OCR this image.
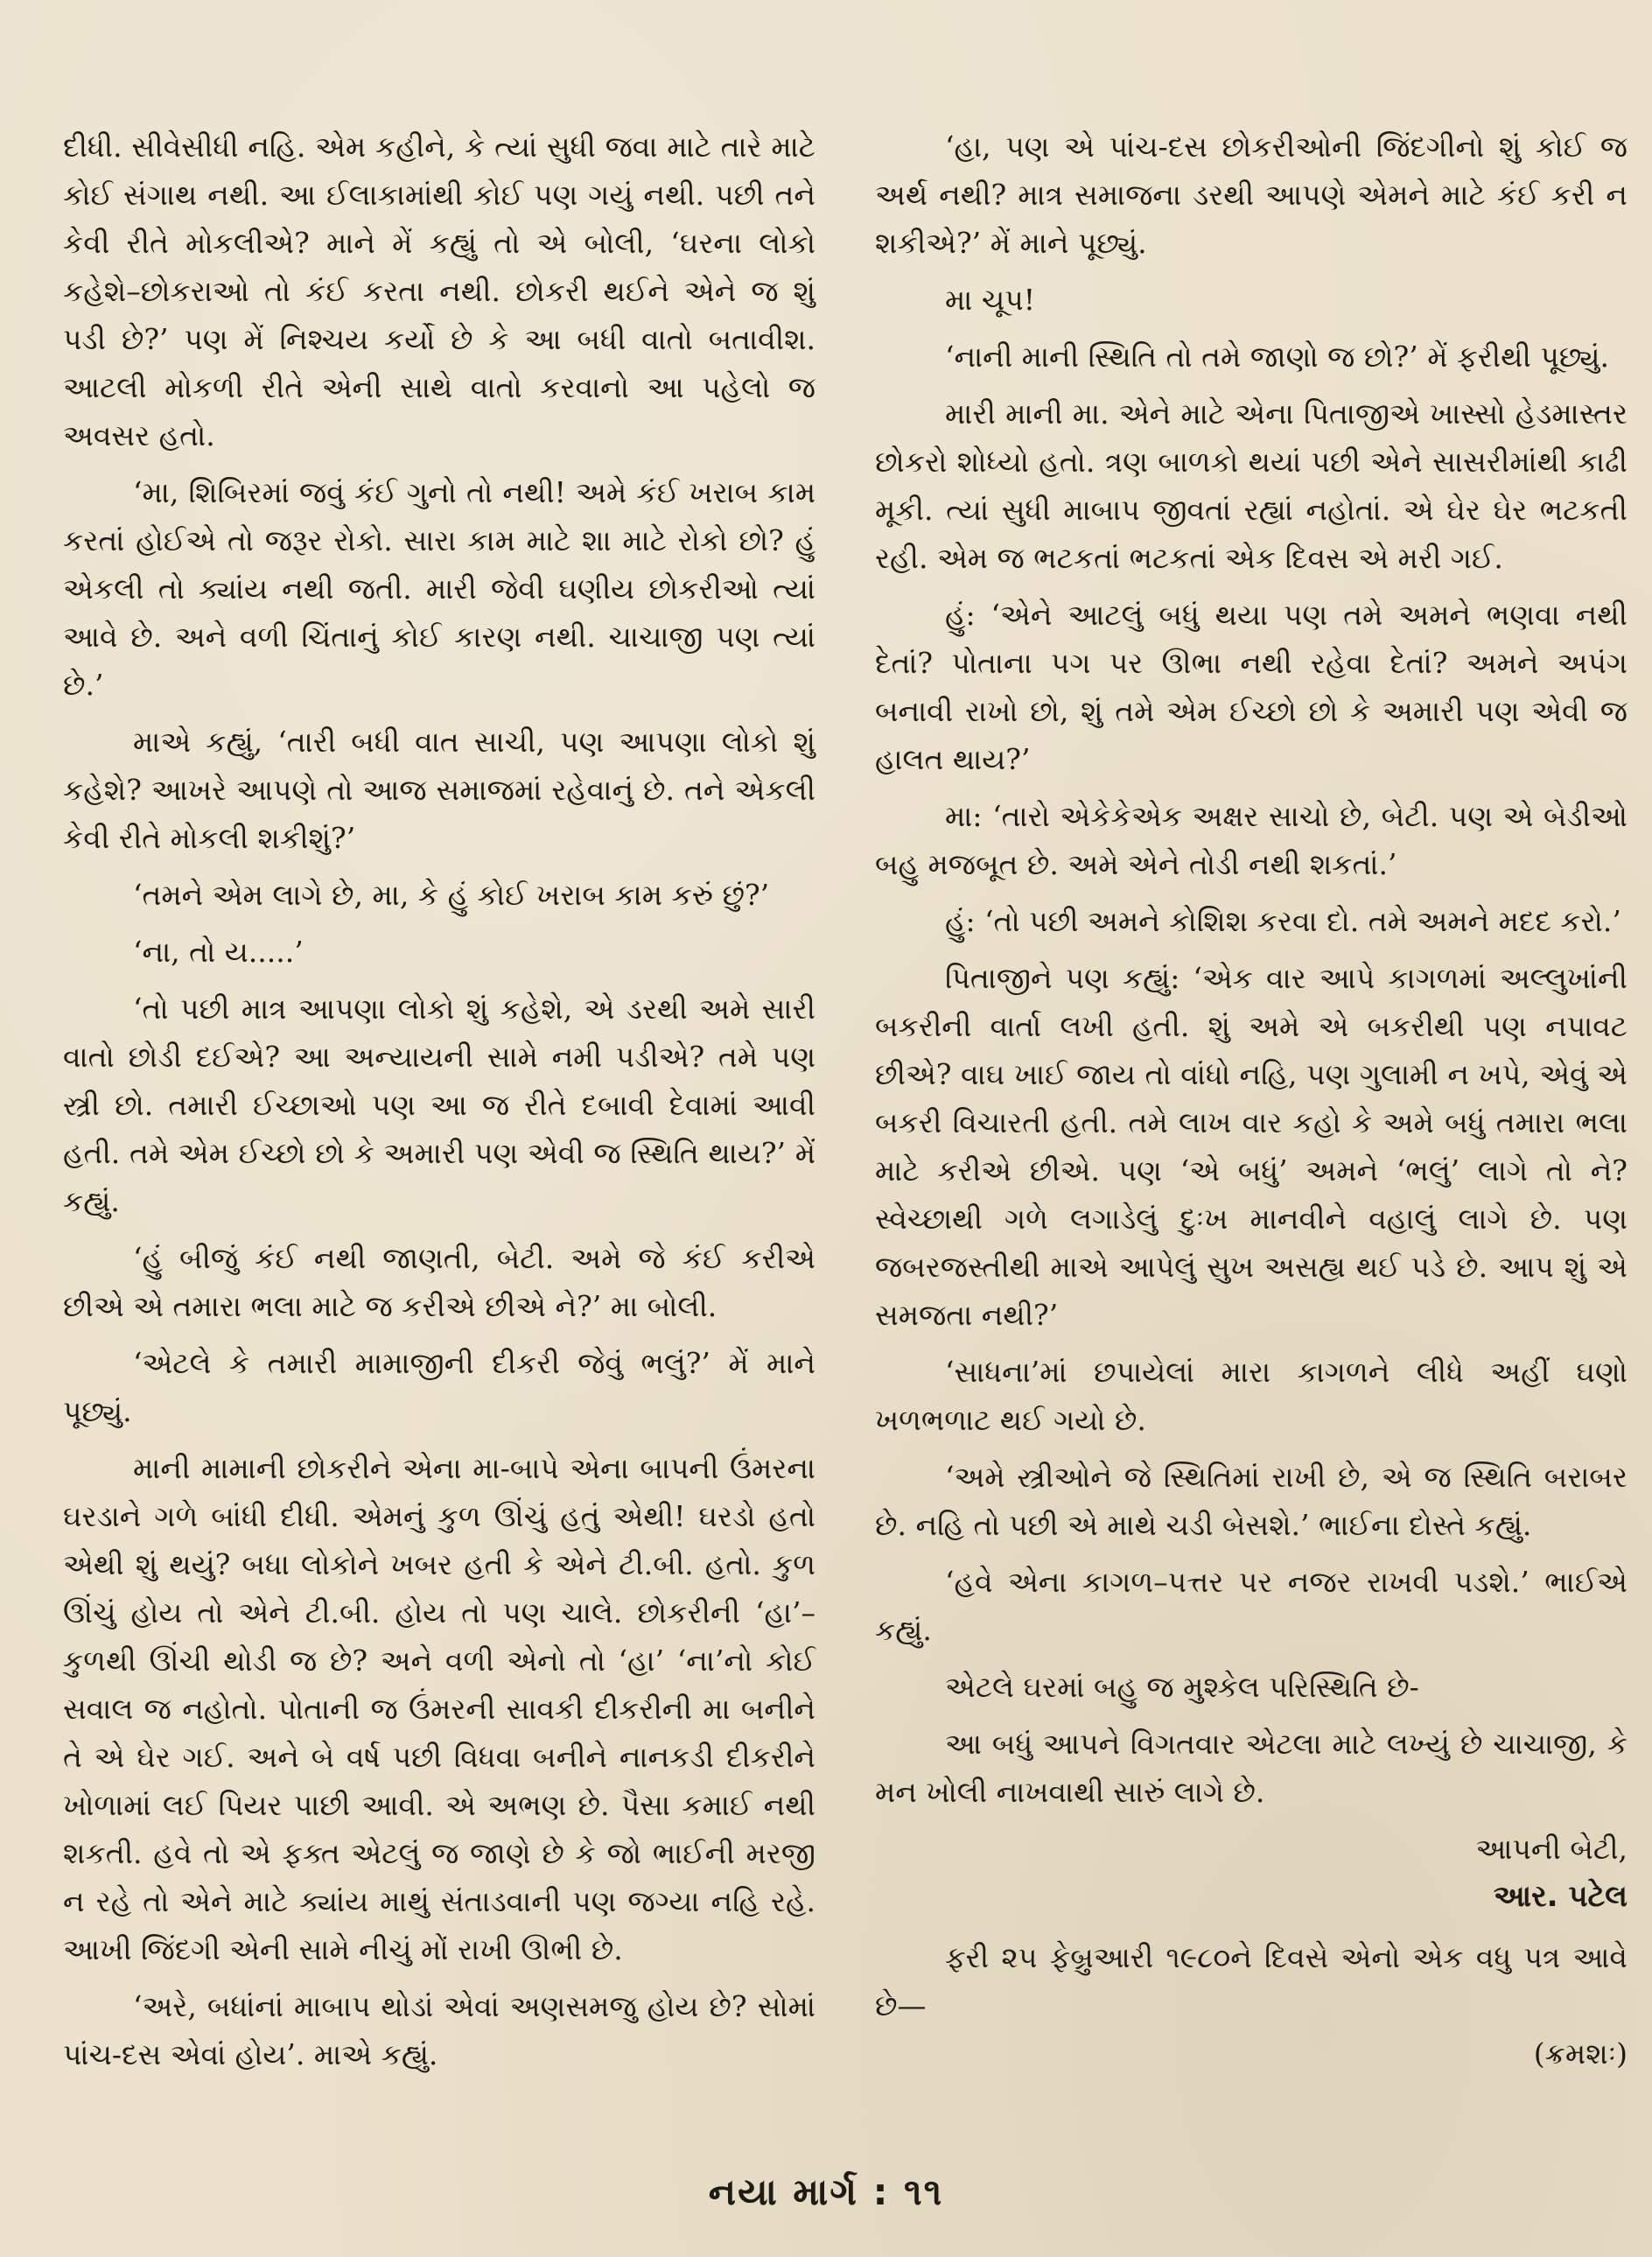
દીધી. સીવેસીધી નહિ. એમ કહીને, કે ત્યાં સુધી જવા માટે તારે માટે કોઈ સંગાથ નથી. આ ઈલાકામાંથી કોઈ પણ ગયું નથી. પછી તને કેવી રીતે મોકલીએ? માને મેં કહ્યું તો એ બોલી, ‘ઘરના લોકો કહેશે–છોકરાઓ તો કંઈ કરતા નથી. છોકરી થઈને એને જ શું પડી છે?’ પણ મેં નિશ્ચય કર્યો છે કે આ બધી વાતો બતાવીશ. આટલી મોકળી રીતે એની સાથે વાતો કરવાનો આ પહેલો જ અવસર હતો.

‘મા, શિબિરમાં જવું કંઈ ગુનો તો નથી! અમે કંઈ ખરાબ કામ કરતાં હોઈએ તો જરૂર રોકો. સારા કામ માટે શા માટે રોકો છો? હું એકલી તો ક્યાંય નથી જતી. મારી જેવી ઘણીય છોકરીઓ ત્યાં આવે છે. અને વળી ચિંતાનું કોઈ કારણ નથી. ચાચાજી પણ ત્યાં છે.’

માએ કહ્યું, ‘તારી બધી વાત સાચી, પણ આપણા લોકો શું કહેશે? આખરે આપણે તો આજ સમાજમાં રહેવાનું છે. તને એકલી કેવી રીતે મોકલી શકીશું?’

‘તમને એમ લાગે છે, મા, કે હું કોઈ ખરાબ કામ કરું છું?’

‘ના, તો ય.....’

‘તો પછી માત્ર આપણા લોકો શું કહેશે, એ ડરથી અમે સારી વાતો છોડી દઈએ? આ અન્યાયની સામે નમી પડીએ? તમે પણ સ્ત્રી છો. તમારી ઈચ્છાઓ પણ આ જ રીતે દબાવી દેવામાં આવી હતી. તમે એમ ઈચ્છો છો કે અમારી પણ એવી જ સ્થિતિ થાય?’ મેં કહ્યું.

‘હું બીજું કંઈ નથી જાણતી, બેટી. અમે જે કંઈ કરીએ છીએ એ તમારા ભલા માટે જ કરીએ છીએ ને?’ મા બોલી.

‘એટલે કે તમારી મામાજીની દીકરી જેવું ભલું?’ મેં માને પૂછ્યું.

માની મામાની છોકરીને એના મા-બાપે એના બાપની ઉંમરના ઘરડાને ગળે બાંધી દીધી. એમનું કુળ ઊંચું હતું એથી! ઘરડો હતો એથી શું થયું? બધા લોકોને ખબર હતી કે એને ટી.બી. હતો. કુળ ઊંચું હોય તો એને ટી.બી. હોય તો પણ ચાલે. છોકરીની ‘હા’–કુળથી ઊંચી થોડી જ છે? અને વળી એનો તો ‘હા’ ‘ના’નો કોઈ સવાલ જ નહોતો. પોતાની જ ઉંમરની સાવકી દીકરીની મા બનીને તે એ ઘેર ગઈ. અને બે વર્ષ પછી વિધવા બનીને નાનકડી દીકરીને ખોળામાં લઈ પિયર પાછી આવી. એ અભણ છે. પૈસા કમાઈ નથી શકતી. હવે તો એ ફક્ત એટલું જ જાણે છે કે જો ભાઈની મરજી ન રહે તો એને માટે ક્યાંય માથું સંતાડવાની પણ જગ્યા નહિ રહે. આખી જિંદગી એની સામે નીચું મોં રાખી ઊભી છે.

‘અરે, બધાંનાં માબાપ થોડાં એવાં અણસમજુ હોય છે? સોમાં પાંચ-દસ એવાં હોય’. માએ કહ્યું.

‘હા, પણ એ પાંચ-દસ છોકરીઓની જિંદગીનો શું કોઈ જ અર્થ નથી? માત્ર સમાજના ડરથી આપણે એમને માટે કંઈ કરી ન શકીએ?’ મેં માને પૂછ્યું.

મા ચૂપ!

‘નાની માની સ્થિતિ તો તમે જાણો જ છો?’ મેં ફરીથી પૂછ્યું.

મારી માની મા. એને માટે એના પિતાજીએ ખાસ્સો હેડમાસ્તર છોકરો શોધ્યો હતો. ત્રણ બાળકો થયાં પછી એને સાસરીમાંથી કાઢી મૂકી. ત્યાં સુધી માબાપ જીવતાં રહ્યાં નહોતાં. એ ઘેર ઘેર ભટકતી રહી. એમ જ ભટકતાં ભટકતાં એક દિવસ એ મરી ગઈ.

હું: ‘એને આટલું બધું થયા પણ તમે અમને ભણવા નથી દેતાં? પોતાના પગ પર ઊભા નથી રહેવા દેતાં? અમને અપંગ બનાવી રાખો છો, શું તમે એમ ઈચ્છો છો કે અમારી પણ એવી જ હાલત થાય?’

મા: ‘તારો એકેકેએક અક્ષર સાચો છે, બેટી. પણ એ બેડીઓ બહુ મજબૂત છે. અમે એને તોડી નથી શકતાં.’

હું: ‘તો પછી અમને કોશિશ કરવા દો. તમે અમને મદદ કરો.’

પિતાજીને પણ કહ્યું: ‘એક વાર આપે કાગળમાં અલ્લુખાંની બકરીની વાર્તા લખી હતી. શું અમે એ બકરીથી પણ નપાવટ છીએ? વાઘ ખાઈ જાય તો વાંધો નહિ, પણ ગુલામી ન ખપે, એવું એ બકરી વિચારતી હતી. તમે લાખ વાર કહો કે અમે બધું તમારા ભલા માટે કરીએ છીએ. પણ ‘એ બધું’ અમને ‘ભલું’ લાગે તો ને? સ્વેચ્છાથી ગળે લગાડેલું દુઃખ માનવીને વહાલું લાગે છે. પણ જબરજસ્તીથી માએ આપેલું સુખ અસહ્ય થઈ પડે છે. આપ શું એ સમજતા નથી?’

‘સાધના’માં છપાયેલાં મારા કાગળને લીધે અહીં ઘણો ખળભળાટ થઈ ગયો છે.

‘અમે સ્ત્રીઓને જે સ્થિતિમાં રાખી છે, એ જ સ્થિતિ બરાબર છે. નહિ તો પછી એ માથે ચડી બેસશે.’ ભાઈના દોસ્તે કહ્યું.

‘હવે એના કાગળ–પત્તર પર નજર રાખવી પડશે.’ ભાઈએ કહ્યું.

એટલે ઘરમાં બહુ જ મુશ્કેલ પરિસ્થિતિ છે-

આ બધું આપને વિગતવાર એટલા માટે લખ્યું છે ચાચાજી, કે મન ખોલી નાખવાથી સારું લાગે છે.

આપની બેટી,

આર. પટેલ

ફરી ૨૫ ફેબ્રુઆરી ૧૯૮૦ને દિવસે એનો એક વધુ પત્ર આવે છે—

(ક્રમશઃ)

નયા માર્ગ : ૧૧
